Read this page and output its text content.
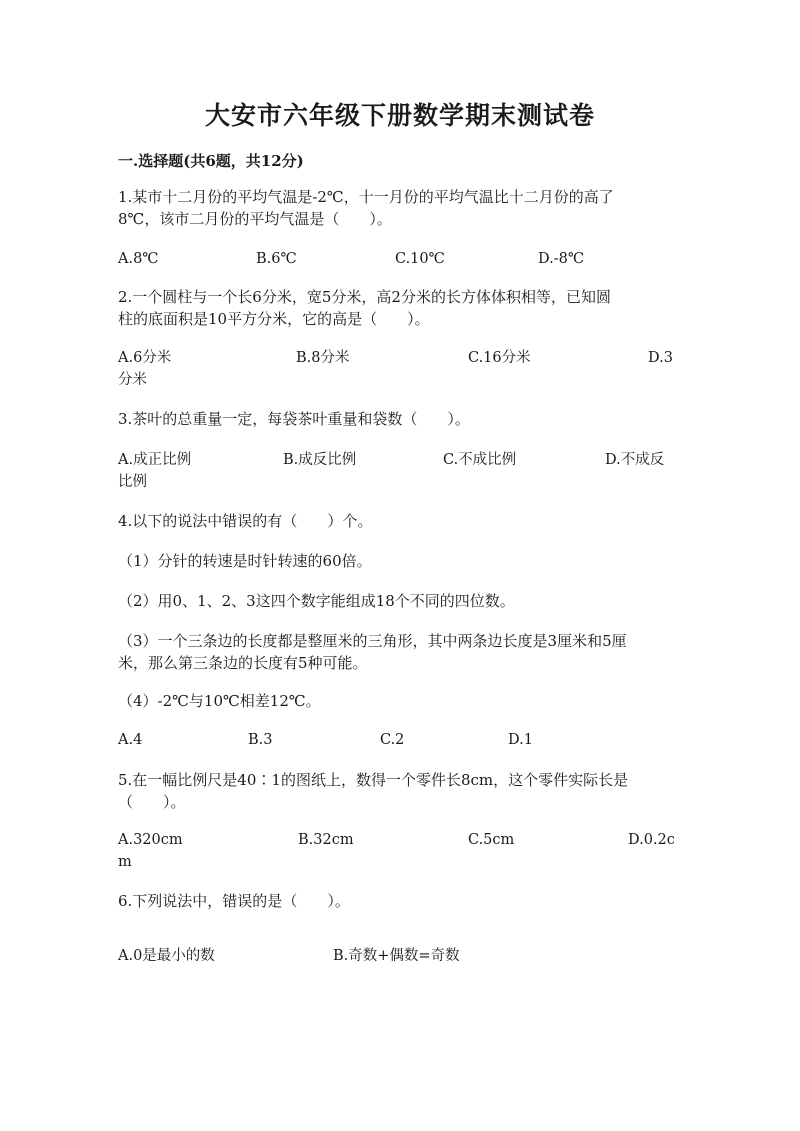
大安市六年级下册数学期末测试卷
一.选择题(共6题，共12分)
1.某市十二月份的平均气温是-2℃，十一月份的平均气温比十二月份的高了
8℃，该市二月份的平均气温是（　　）。
A.8℃	B.6℃	C.10℃	D.-8℃
2.一个圆柱与一个长6分米，宽5分米，高2分米的长方体体积相等，已知圆
柱的底面积是10平方分米，它的高是（　　）。
A.6分米	B.8分米	C.16分米	D.3
分米
3.茶叶的总重量一定，每袋茶叶重量和袋数（　　）。
A.成正比例	B.成反比例	C.不成比例	D.不成反
比例
4.以下的说法中错误的有（　　）个。
（1）分针的转速是时针转速的60倍。
（2）用0、1、2、3这四个数字能组成18个不同的四位数。
（3）一个三条边的长度都是整厘米的三角形，其中两条边长度是3厘米和5厘
米，那么第三条边的长度有5种可能。
（4）-2℃与10℃相差12℃。
A.4	B.3	C.2	D.1
5.在一幅比例尺是40∶1的图纸上，数得一个零件长8cm，这个零件实际长是
（　　）。
A.320cm	B.32cm	C.5cm	D.0.2c
m
6.下列说法中，错误的是（　　）。
A.0是最小的数	B.奇数+偶数=奇数
